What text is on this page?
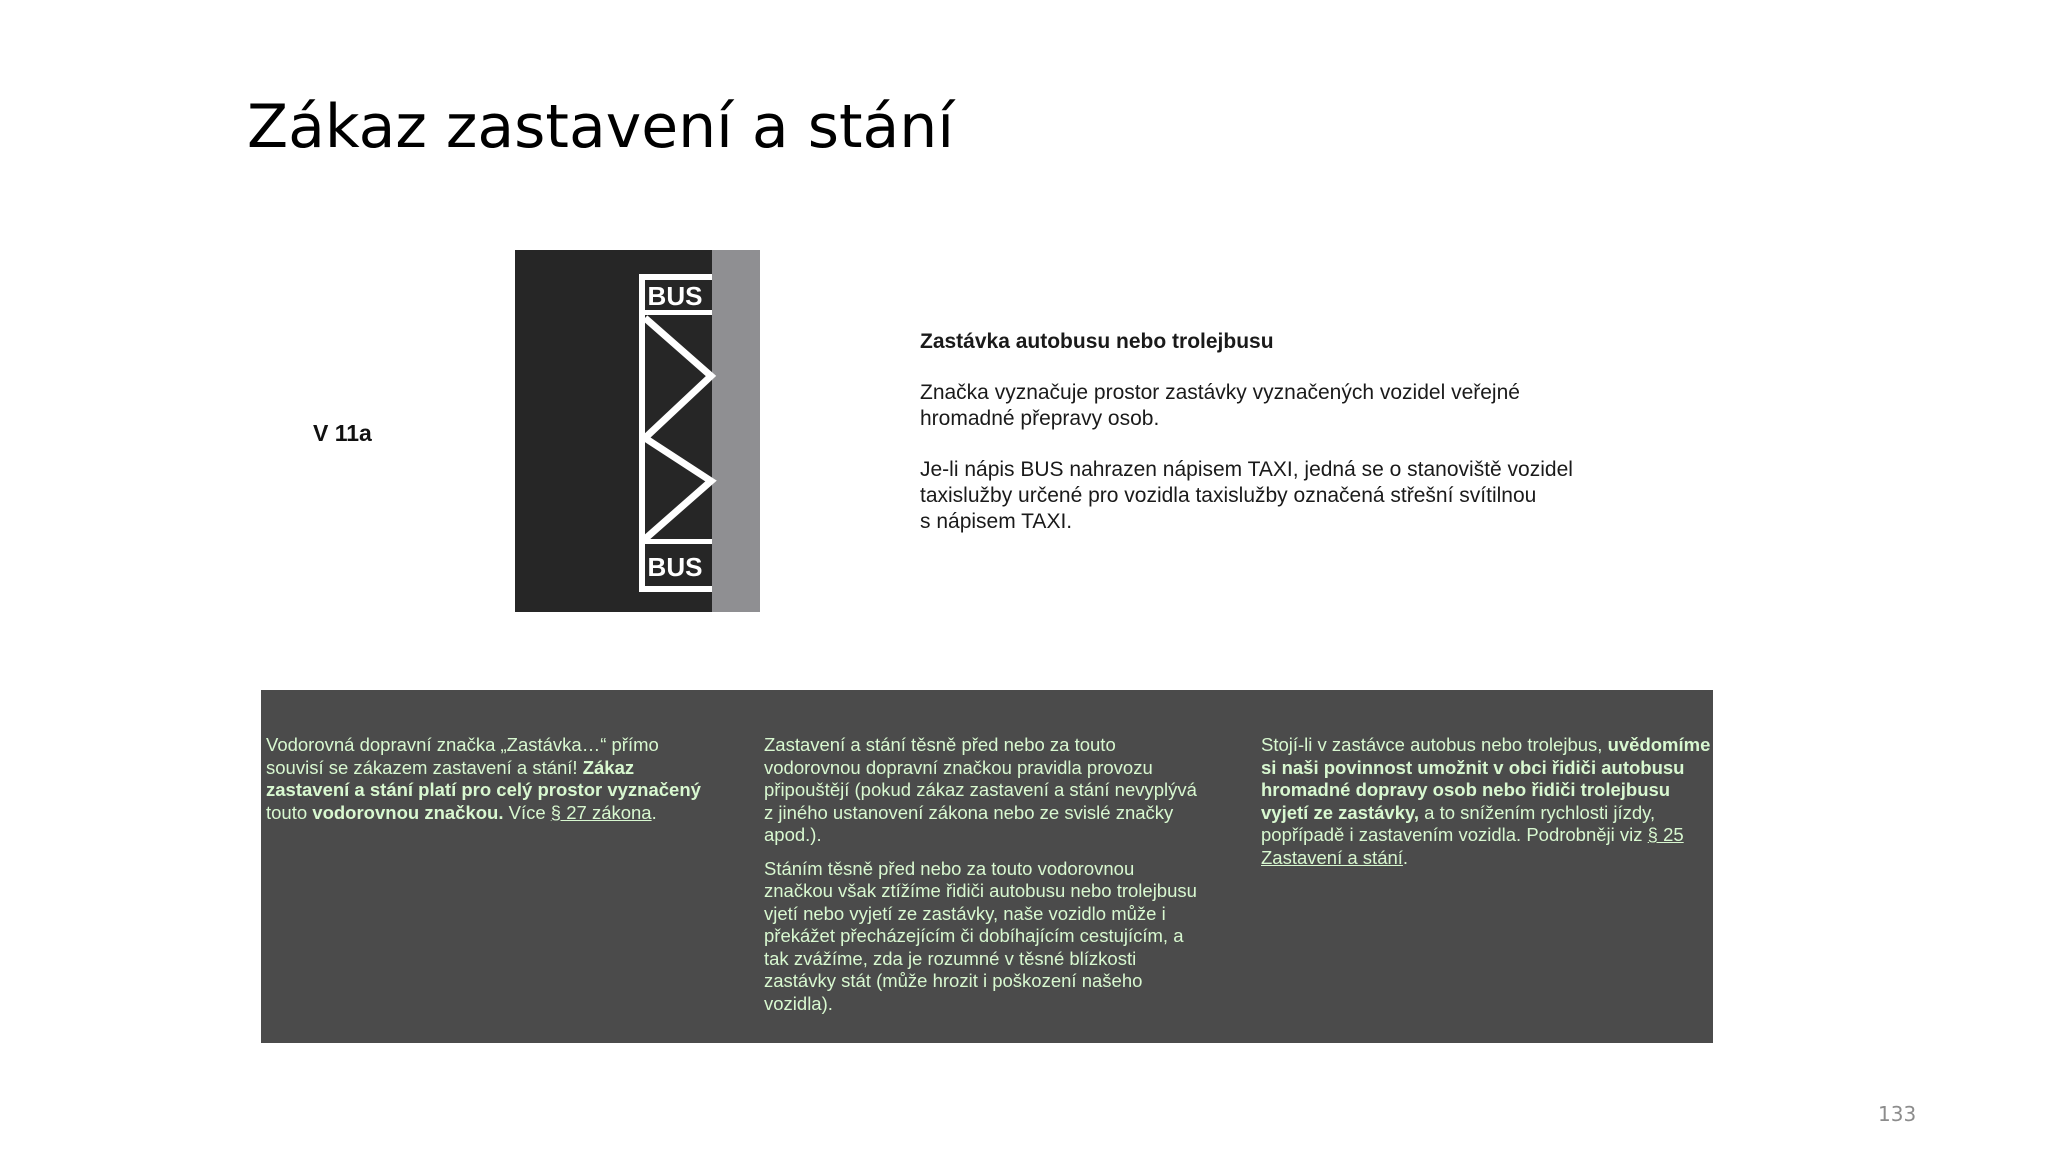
Zákaz zastavení a stání
V 11a
BUS
BUS
Zastávka autobusu nebo trolejbusu
Značka vyznačuje prostor zastávky vyznačených vozidel veřejné
hromadné přepravy osob.
Je-li nápis BUS nahrazen nápisem TAXI, jedná se o stanoviště vozidel
taxislužby určené pro vozidla taxislužby označená střešní svítilnou
s nápisem TAXI.

Vodorovná dopravní značka „Zastávka…“ přímo souvisí se zákazem zastavení a stání! Zákaz zastavení a stání platí pro celý prostor vyznačený touto vodorovnou značkou. Více § 27 zákona.

Zastavení a stání těsně před nebo za touto vodorovnou dopravní značkou pravidla provozu připouštějí (pokud zákaz zastavení a stání nevyplývá z jiného ustanovení zákona nebo ze svislé značky apod.).

Stáním těsně před nebo za touto vodorovnou značkou však ztížíme řidiči autobusu nebo trolejbusu vjetí nebo vyjetí ze zastávky, naše vozidlo může i překážet přecházejícím či dobíhajícím cestujícím, a tak zvážíme, zda je rozumné v těsné blízkosti zastávky stát (může hrozit i poškození našeho vozidla).

Stojí-li v zastávce autobus nebo trolejbus, uvědomíme si naši povinnost umožnit v obci řidiči autobusu hromadné dopravy osob nebo řidiči trolejbusu vyjetí ze zastávky, a to snížením rychlosti jízdy, popřípadě i zastavením vozidla. Podrobněji viz § 25 Zastavení a stání.

133
